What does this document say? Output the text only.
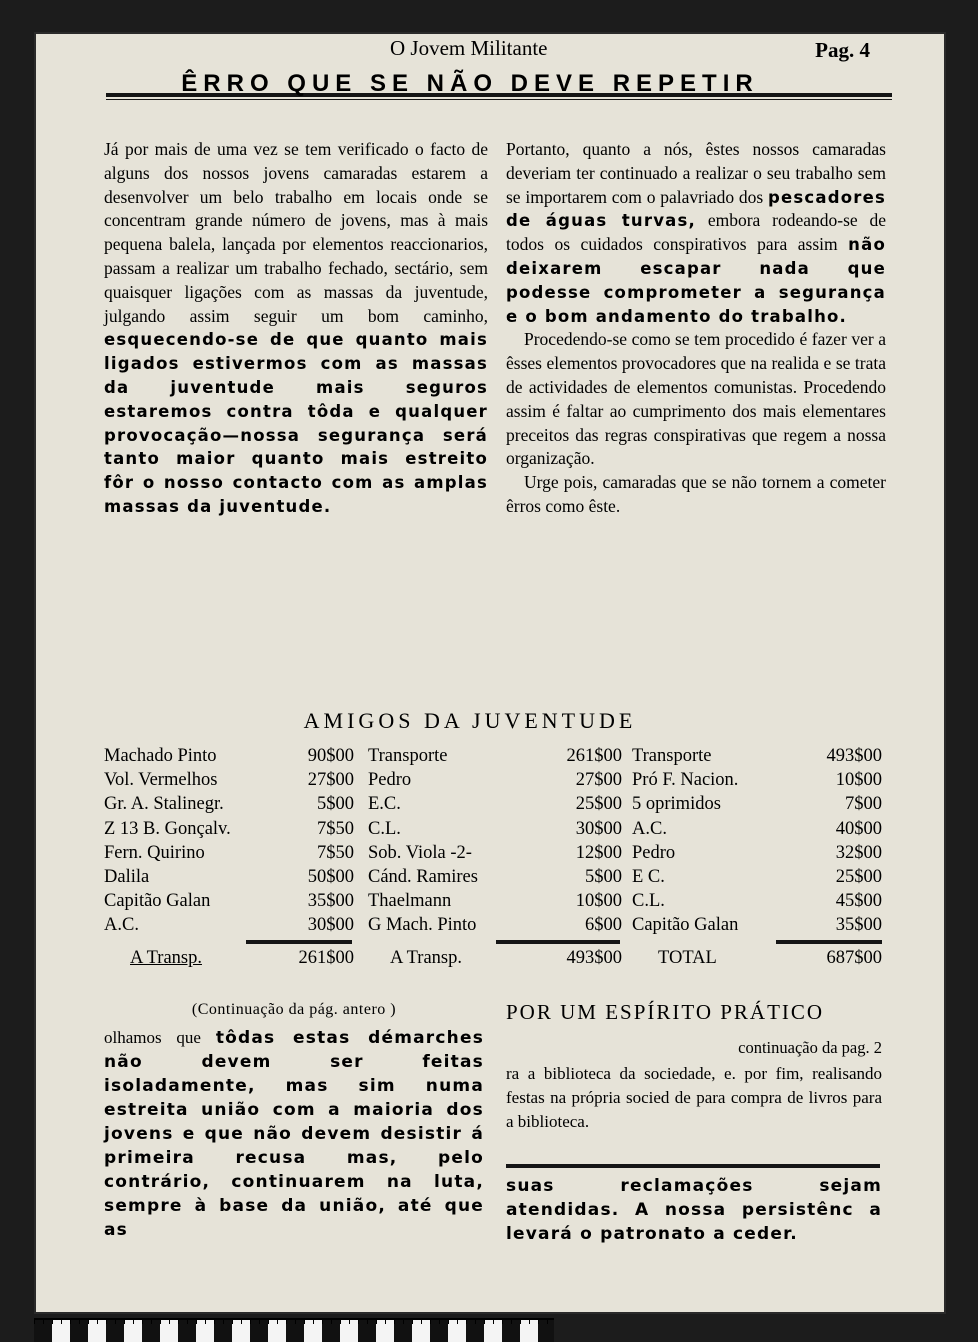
O Jovem Militante	Pag. 4
ÊRRO QUE SE NÃO DEVE REPETIR

Já por mais de uma vez se tem verificado o facto de alguns dos nossos jovens camaradas estarem a desenvolver um belo trabalho em locais onde se concentram grande número de jovens, mas à mais pequena balela, lançada por elementos reaccionarios, passam a realizar um trabalho fechado, sectário, sem quaisquer ligações com as massas da juventude, julgando assim seguir um bom caminho, esquecendo-se de que quanto mais ligados estivermos com as massas da juventude mais seguros estaremos contra tôda e qualquer provocação—nossa segurança será tanto maior quanto mais estreito fôr o nosso contacto com as amplas massas da juventude.

Portanto, quanto a nós, êstes nossos camaradas deveriam ter continuado a realizar o seu trabalho sem se importarem com o palavriado dos pescadores de águas turvas, embora rodeando-se de todos os cuidados conspirativos para assim não deixarem escapar nada que podesse comprometer a segurança e o bom andamento do trabalho.

Procedendo-se como se tem procedido é fazer ver a êsses elementos provocadores que na realida e se trata de actividades de elementos comunistas. Procedendo assim é faltar ao cumprimento dos mais elementares preceitos das regras conspirativas que regem a nossa organização.

Urge pois, camaradas que se não tornem a cometer êrros como êste.

AMIGOS DA JUVENTUDE
Machado Pinto	90$00
Vol. Vermelhos	27$00
Gr. A. Stalinegr.	5$00
Z 13 B. Gonçalv.	7$50
Fern. Quirino	7$50
Dalila	50$00
Capitão Galan	35$00
A.C.	30$00
A Transp.	261$00
Transporte	261$00
Pedro	27$00
E.C.	25$00
C.L.	30$00
Sob. Viola -2-	12$00
Cánd. Ramires	5$00
Thaelmann	10$00
G Mach. Pinto	6$00
A Transp.	493$00
Transporte	493$00
Pró F. Nacion.	10$00
5 oprimidos	7$00
A.C.	40$00
Pedro	32$00
E C.	25$00
C.L.	45$00
Capitão Galan	35$00
TOTAL	687$00
(Continuação da pág. antero )

olhamos que tôdas estas démarches não devem ser feitas isoladamente, mas sim numa estreita união com a maioria dos jovens e que não devem desistir á primeira recusa mas, pelo contrário, continuarem na luta, sempre à base da união, até que as

POR UM ESPÍRITO PRÁTICO
continuação da pag. 2

ra a biblioteca da sociedade, e. por fim, realisando festas na própria socied de para compra de livros para a biblioteca.

suas reclamações sejam atendidas. A nossa persistênc a levará o patronato a ceder.
